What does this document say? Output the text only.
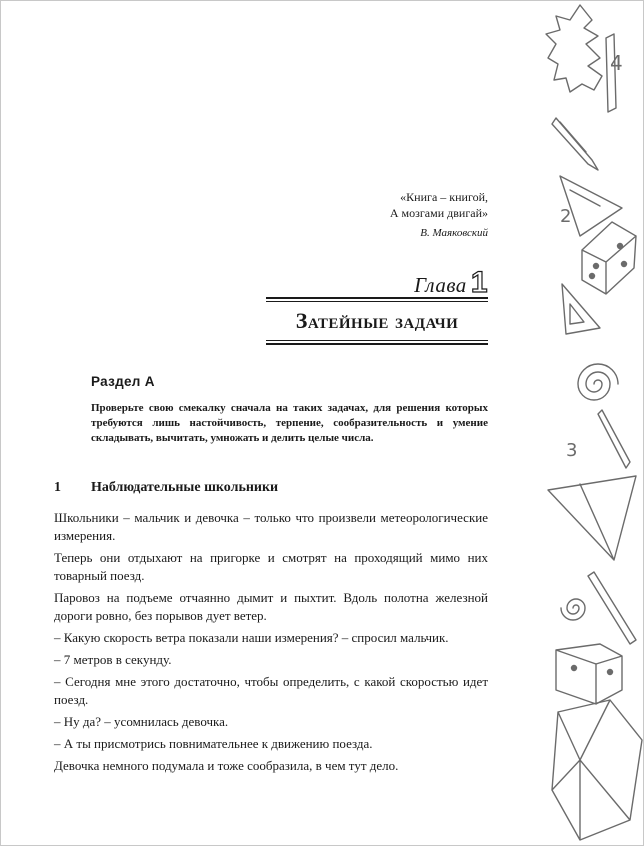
4
2
3
«Книга – книгой,
А мозгами двигай»
В. Маяковский
Глава 1
Затейные задачи
Раздел А
Проверьте свою смекалку сначала на таких задачах, для решения которых требуются лишь настойчивость, терпение, сообразительность и умение складывать, вычитать, умножать и делить целые числа.
1 Наблюдательные школьники

Школьники – мальчик и девочка – только что произвели метеорологические измерения.

Теперь они отдыхают на пригорке и смотрят на проходящий мимо них товарный поезд.

Паровоз на подъеме отчаянно дымит и пыхтит. Вдоль полотна железной дороги ровно, без порывов дует ветер.

– Какую скорость ветра показали наши измерения? – спросил мальчик.

– 7 метров в секунду.

– Сегодня мне этого достаточно, чтобы определить, с какой скоростью идет поезд.

– Ну да? – усомнилась девочка.

– А ты присмотрись повнимательнее к движению поезда.

Девочка немного подумала и тоже сообразила, в чем тут дело.
